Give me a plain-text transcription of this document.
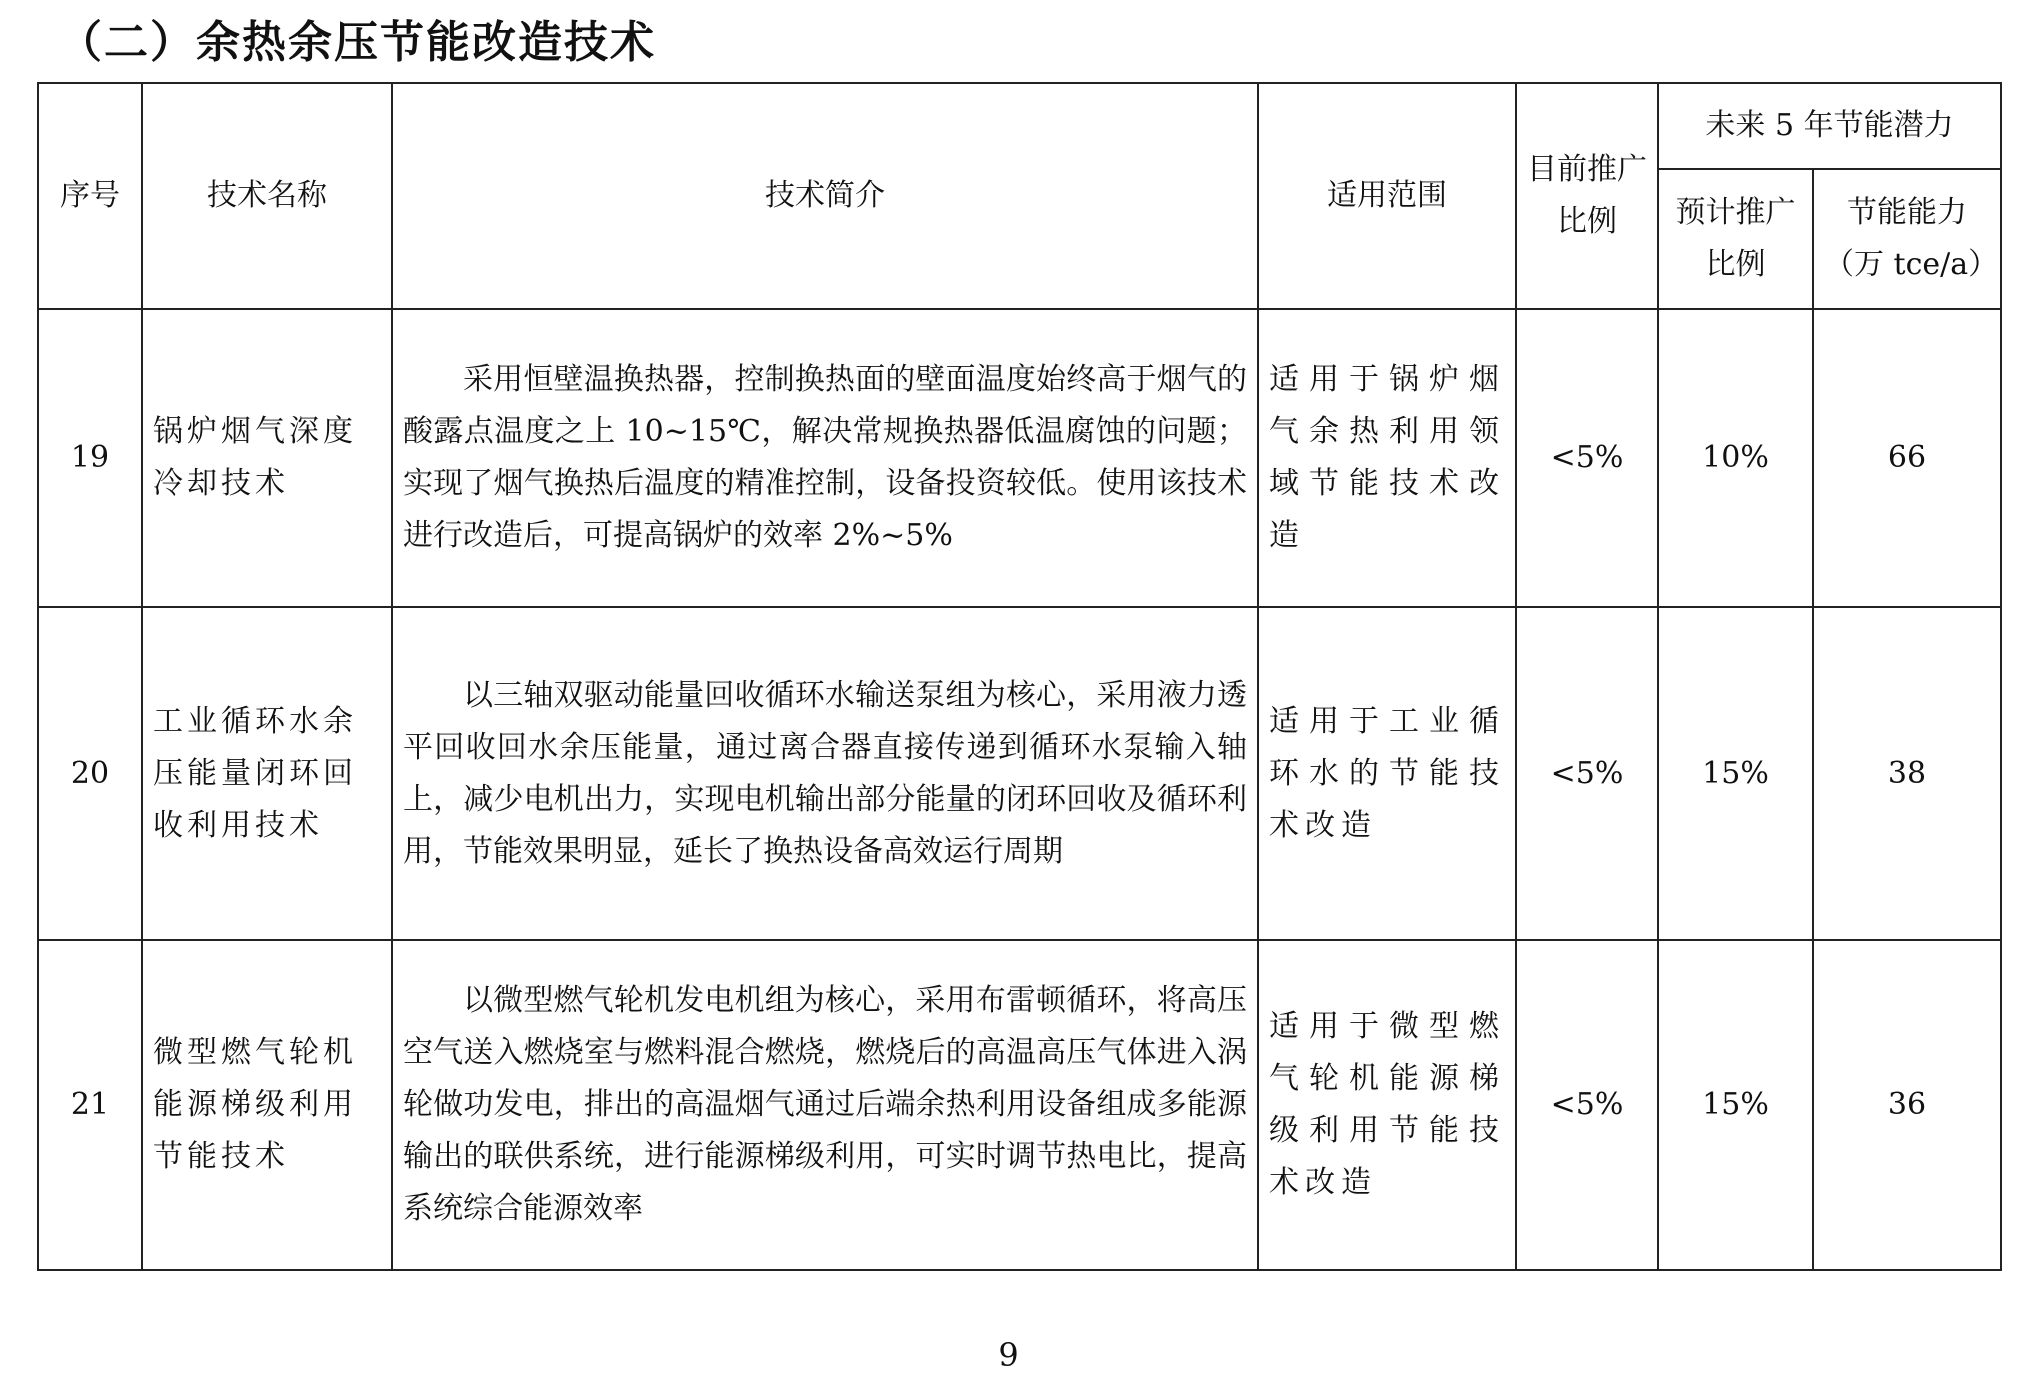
（二）余热余压节能改造技术
序号	技术名称	技术简介	适用范围	目前推广比例	未来 5 年节能潜力	
					预计推广比例	节能能力（万 tce/a）
19	锅炉烟气深度冷却技术	采用恒壁温换热器，控制换热面的壁面温度始终高于烟气的酸露点温度之上 10~15℃，解决常规换热器低温腐蚀的问题；实现了烟气换热后温度的精准控制，设备投资较低。使用该技术进行改造后，可提高锅炉的效率 2%~5%	适用于锅炉烟气余热利用领域节能技术改造	<5%	10%	66
20	工业循环水余压能量闭环回收利用技术	以三轴双驱动能量回收循环水输送泵组为核心，采用液力透平回收回水余压能量，通过离合器直接传递到循环水泵输入轴上，减少电机出力，实现电机输出部分能量的闭环回收及循环利用，节能效果明显，延长了换热设备高效运行周期	适用于工业循环水的节能技术改造	<5%	15%	38
21	微型燃气轮机能源梯级利用节能技术	以微型燃气轮机发电机组为核心，采用布雷顿循环，将高压空气送入燃烧室与燃料混合燃烧，燃烧后的高温高压气体进入涡轮做功发电，排出的高温烟气通过后端余热利用设备组成多能源输出的联供系统，进行能源梯级利用，可实时调节热电比，提高系统综合能源效率	适用于微型燃气轮机能源梯级利用节能技术改造	<5%	15%	36
9
